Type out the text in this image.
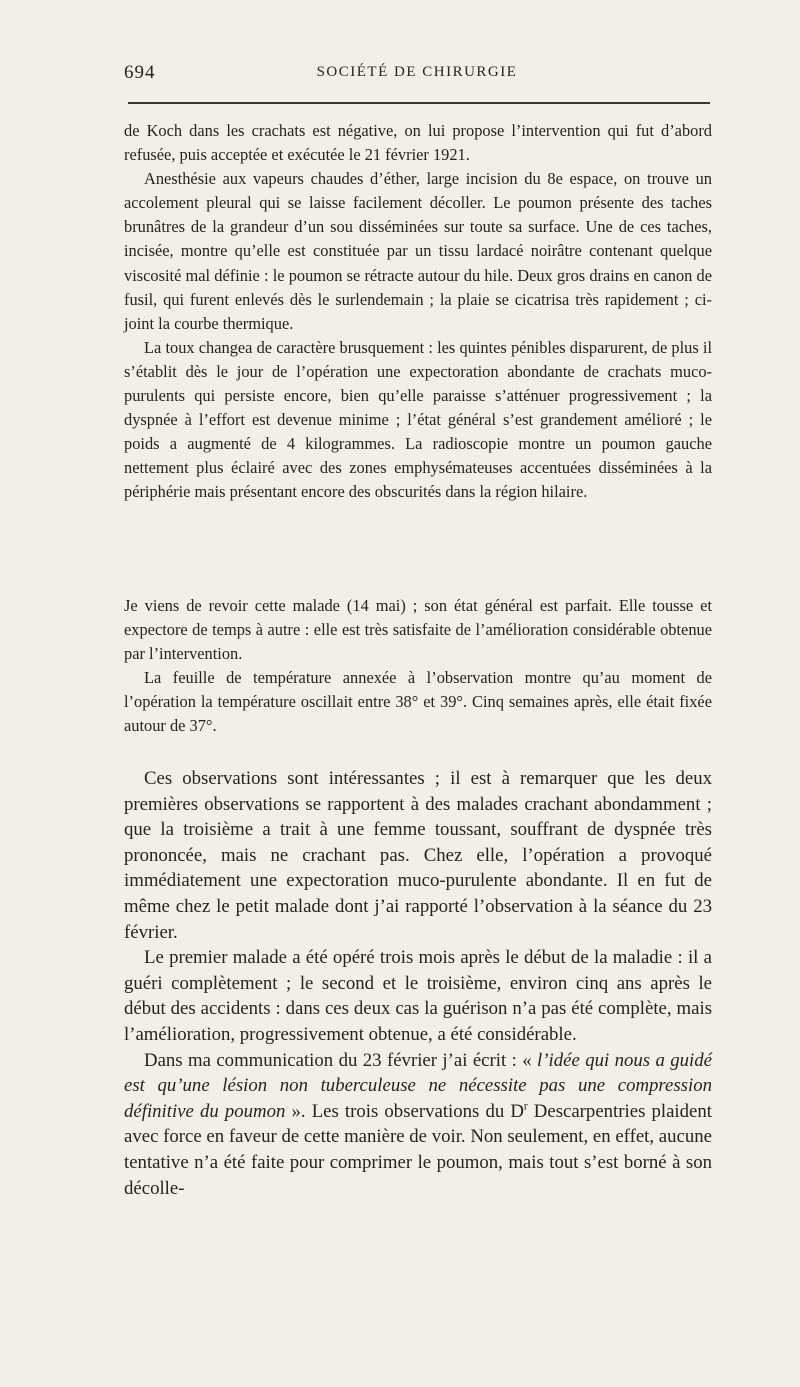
694	SOCIÉTÉ DE CHIRURGIE

de Koch dans les crachats est négative, on lui propose l’intervention qui fut d’abord refusée, puis acceptée et exécutée le 21 février 1921.

Anesthésie aux vapeurs chaudes d’éther, large incision du 8e espace, on trouve un accolement pleural qui se laisse facilement décoller. Le poumon présente des taches brunâtres de la grandeur d’un sou disséminées sur toute sa surface. Une de ces taches, incisée, montre qu’elle est constituée par un tissu lardacé noirâtre contenant quelque viscosité mal définie : le poumon se rétracte autour du hile. Deux gros drains en canon de fusil, qui furent enlevés dès le surlendemain ; la plaie se cicatrisa très rapidement ; ci-joint la courbe thermique.

La toux changea de caractère brusquement : les quintes pénibles disparurent, de plus il s’établit dès le jour de l’opération une expectoration abondante de crachats muco-purulents qui persiste encore, bien qu’elle paraisse s’atténuer progressivement ; la dyspnée à l’effort est devenue minime ; l’état général s’est grandement amélioré ; le poids a augmenté de 4 kilogrammes. La radioscopie montre un poumon gauche nettement plus éclairé avec des zones emphysémateuses accentuées disséminées à la périphérie mais présentant encore des obscurités dans la région hilaire.

Je viens de revoir cette malade (14 mai) ; son état général est parfait. Elle tousse et expectore de temps à autre : elle est très satisfaite de l’amélioration considérable obtenue par l’intervention.

La feuille de température annexée à l’observation montre qu’au moment de l’opération la température oscillait entre 38° et 39°. Cinq semaines après, elle était fixée autour de 37°.

Ces observations sont intéressantes ; il est à remarquer que les deux premières observations se rapportent à des malades crachant abondamment ; que la troisième a trait à une femme toussant, souffrant de dyspnée très prononcée, mais ne crachant pas. Chez elle, l’opération a provoqué immédiatement une expectoration muco-purulente abondante. Il en fut de même chez le petit malade dont j’ai rapporté l’observation à la séance du 23 février.

Le premier malade a été opéré trois mois après le début de la maladie : il a guéri complètement ; le second et le troisième, environ cinq ans après le début des accidents : dans ces deux cas la guérison n’a pas été complète, mais l’amélioration, progressivement obtenue, a été considérable.

Dans ma communication du 23 février j’ai écrit : « l’idée qui nous a guidé est qu’une lésion non tuberculeuse ne nécessite pas une compression définitive du poumon ». Les trois observations du $D^r$ Descarpentries plaident avec force en faveur de cette manière de voir. Non seulement, en effet, aucune tentative n’a été faite pour comprimer le poumon, mais tout s’est borné à son décolle-
